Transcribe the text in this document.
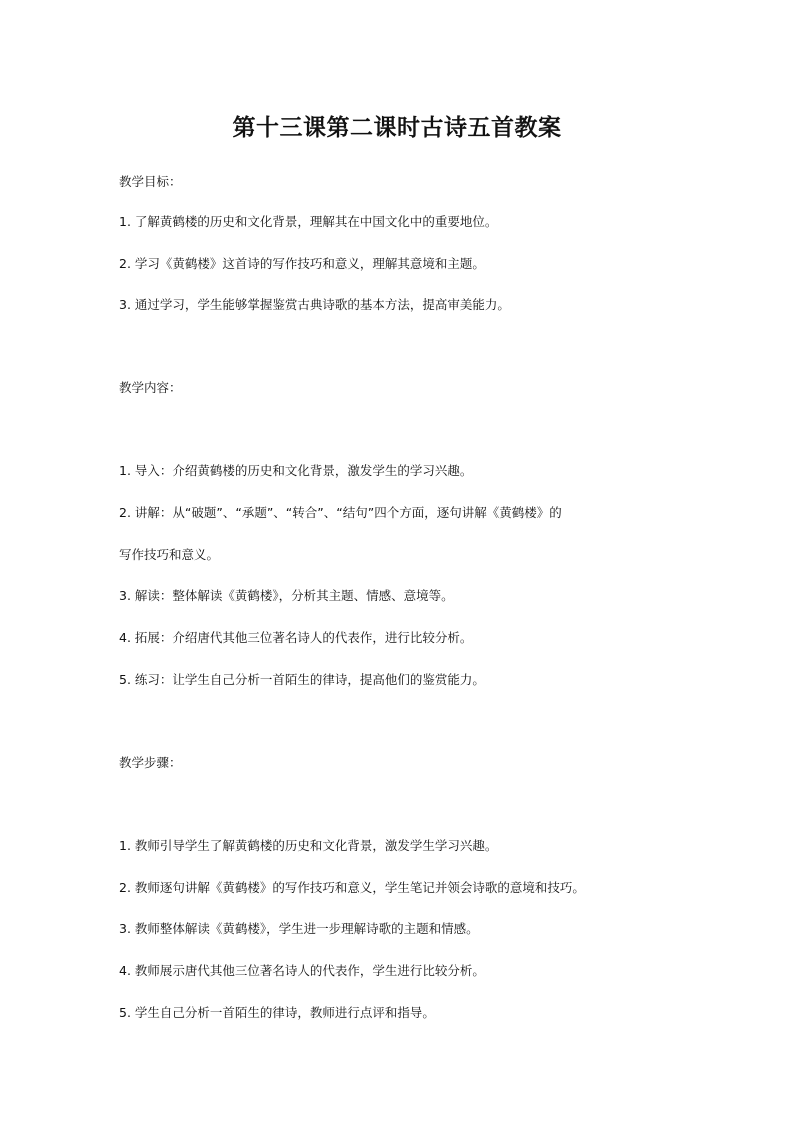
第十三课第二课时古诗五首教案
教学目标：
1. 了解黄鹤楼的历史和文化背景，理解其在中国文化中的重要地位。
2. 学习《黄鹤楼》这首诗的写作技巧和意义，理解其意境和主题。
3. 通过学习，学生能够掌握鉴赏古典诗歌的基本方法，提高审美能力。
教学内容：
1. 导入：介绍黄鹤楼的历史和文化背景，激发学生的学习兴趣。
2. 讲解：从“破题”、“承题”、“转合”、“结句”四个方面，逐句讲解《黄鹤楼》的
写作技巧和意义。
3. 解读：整体解读《黄鹤楼》，分析其主题、情感、意境等。
4. 拓展：介绍唐代其他三位著名诗人的代表作，进行比较分析。
5. 练习：让学生自己分析一首陌生的律诗，提高他们的鉴赏能力。
教学步骤：
1. 教师引导学生了解黄鹤楼的历史和文化背景，激发学生学习兴趣。
2. 教师逐句讲解《黄鹤楼》的写作技巧和意义，学生笔记并领会诗歌的意境和技巧。
3. 教师整体解读《黄鹤楼》，学生进一步理解诗歌的主题和情感。
4. 教师展示唐代其他三位著名诗人的代表作，学生进行比较分析。
5. 学生自己分析一首陌生的律诗，教师进行点评和指导。
